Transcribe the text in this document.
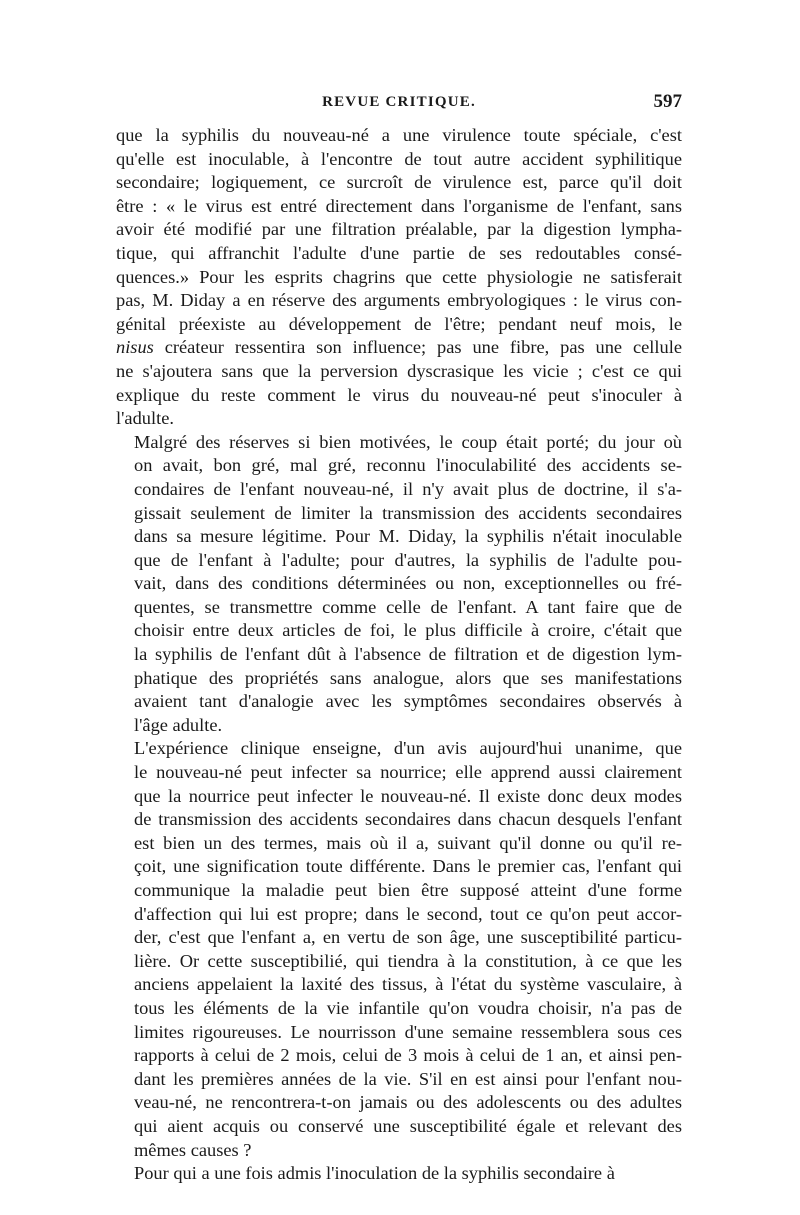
REVUE CRITIQUE.	597

que la syphilis du nouveau-né a une virulence toute spéciale, c'est
qu'elle est inoculable, à l'encontre de tout autre accident syphilitique
secondaire; logiquement, ce surcroît de virulence est, parce qu'il doit
être : « le virus est entré directement dans l'organisme de l'enfant, sans
avoir été modifié par une filtration préalable, par la digestion lympha-
tique, qui affranchit l'adulte d'une partie de ses redoutables consé-
quences.» Pour les esprits chagrins que cette physiologie ne satisferait
pas, M. Diday a en réserve des arguments embryologiques : le virus con-
génital préexiste au développement de l'être; pendant neuf mois, le
nisus créateur ressentira son influence; pas une fibre, pas une cellule
ne s'ajoutera sans que la perversion dyscrasique les vicie ; c'est ce qui
explique du reste comment le virus du nouveau-né peut s'inoculer à
l'adulte.

Malgré des réserves si bien motivées, le coup était porté; du jour où
on avait, bon gré, mal gré, reconnu l'inoculabilité des accidents se-
condaires de l'enfant nouveau-né, il n'y avait plus de doctrine, il s'a-
gissait seulement de limiter la transmission des accidents secondaires
dans sa mesure légitime. Pour M. Diday, la syphilis n'était inoculable
que de l'enfant à l'adulte; pour d'autres, la syphilis de l'adulte pou-
vait, dans des conditions déterminées ou non, exceptionnelles ou fré-
quentes, se transmettre comme celle de l'enfant. A tant faire que de
choisir entre deux articles de foi, le plus difficile à croire, c'était que
la syphilis de l'enfant dût à l'absence de filtration et de digestion lym-
phatique des propriétés sans analogue, alors que ses manifestations
avaient tant d'analogie avec les symptômes secondaires observés à
l'âge adulte.

L'expérience clinique enseigne, d'un avis aujourd'hui unanime, que
le nouveau-né peut infecter sa nourrice; elle apprend aussi clairement
que la nourrice peut infecter le nouveau-né. Il existe donc deux modes
de transmission des accidents secondaires dans chacun desquels l'enfant
est bien un des termes, mais où il a, suivant qu'il donne ou qu'il re-
çoit, une signification toute différente. Dans le premier cas, l'enfant qui
communique la maladie peut bien être supposé atteint d'une forme
d'affection qui lui est propre; dans le second, tout ce qu'on peut accor-
der, c'est que l'enfant a, en vertu de son âge, une susceptibilité particu-
lière. Or cette susceptibilié, qui tiendra à la constitution, à ce que les
anciens appelaient la laxité des tissus, à l'état du système vasculaire, à
tous les éléments de la vie infantile qu'on voudra choisir, n'a pas de
limites rigoureuses. Le nourrisson d'une semaine ressemblera sous ces
rapports à celui de 2 mois, celui de 3 mois à celui de 1 an, et ainsi pen-
dant les premières années de la vie. S'il en est ainsi pour l'enfant nou-
veau-né, ne rencontrera-t-on jamais ou des adolescents ou des adultes
qui aient acquis ou conservé une susceptibilité égale et relevant des
mêmes causes ?

Pour qui a une fois admis l'inoculation de la syphilis secondaire à
